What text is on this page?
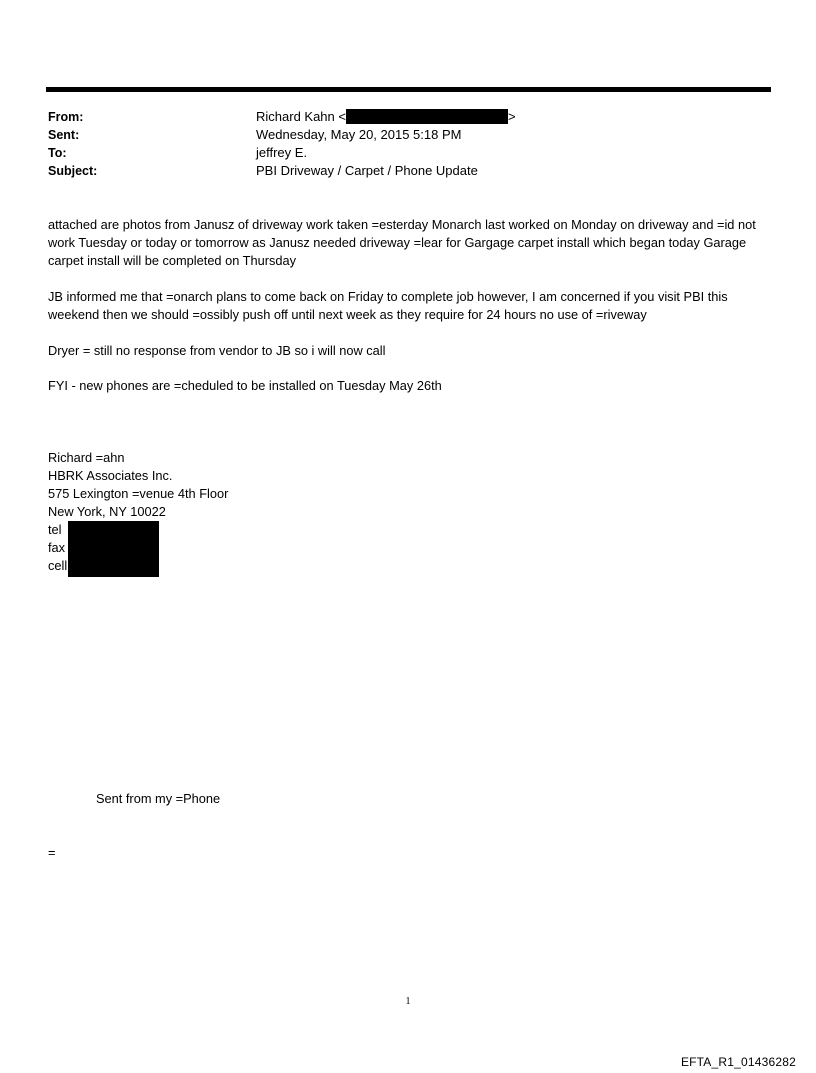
From:	Richard Kahn <	>
Sent:	Wednesday, May 20, 2015 5:18 PM
To:	jeffrey E.
Subject:	PBI Driveway / Carpet / Phone Update
attached are photos from Janusz of driveway work taken =esterday Monarch last worked on Monday on driveway and =id not work Tuesday or today or tomorrow as Janusz needed driveway =lear for Gargage carpet install which began today Garage carpet install will be completed on Thursday
JB informed me that =onarch plans to come back on Friday to complete job however, I am concerned if you visit PBI this weekend then we should =ossibly push off until next week as they require for 24 hours no use of =riveway
Dryer = still no response from vendor to JB so i will now call
FYI - new phones are =cheduled to be installed on Tuesday May 26th
Richard =ahn
HBRK Associates Inc.
575 Lexington =venue 4th Floor
New York, NY 10022
tel
fax
cell
Sent from my =Phone
=
1
EFTA_R1_01436282
